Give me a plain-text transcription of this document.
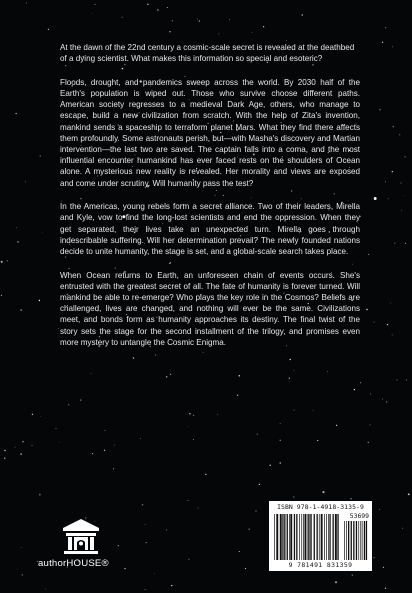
At the dawn of the 22nd century a cosmic-scale secret is revealed at the deathbed of a dying scientist. What makes this information so special and esoteric?

Floods, drought, and pandemics sweep across the world. By 2030 half of the Earth's population is wiped out. Those who survive choose different paths. American society regresses to a medieval Dark Age, others, who manage to escape, build a new civilization from scratch. With the help of Zita's invention, mankind sends a spaceship to terraform planet Mars. What they find there affects them profoundly. Some astronauts perish, but—with Masha's discovery and Martian intervention—the last two are saved. The captain falls into a coma, and the most influential encounter humankind has ever faced rests on the shoulders of Ocean alone. A mysterious new reality is revealed. Her morality and views are exposed and come under scrutiny. Will humanity pass the test?

In the Americas, young rebels form a secret alliance. Two of their leaders, Mirella and Kyle, vow to find the long-lost scientists and end the oppression. When they get separated, their lives take an unexpected turn. Mirella goes through indescribable suffering. Will her determination prevail? The newly founded nations decide to unite humanity, the stage is set, and a global-scale search takes place.

When Ocean returns to Earth, an unforeseen chain of events occurs. She's entrusted with the greatest secret of all. The fate of humanity is forever turned. Will mankind be able to re-emerge? Who plays the key role in the Cosmos? Beliefs are challenged, lives are changed, and nothing will ever be the same. Civilizations meet, and bonds form as humanity approaches its destiny. The final twist of the story sets the stage for the second installment of the trilogy, and promises even more mystery to untangle the Cosmic Enigma.

authorHOUSE®
ISBN 978-1-4918-3135-9
53699
9 781491 831359
